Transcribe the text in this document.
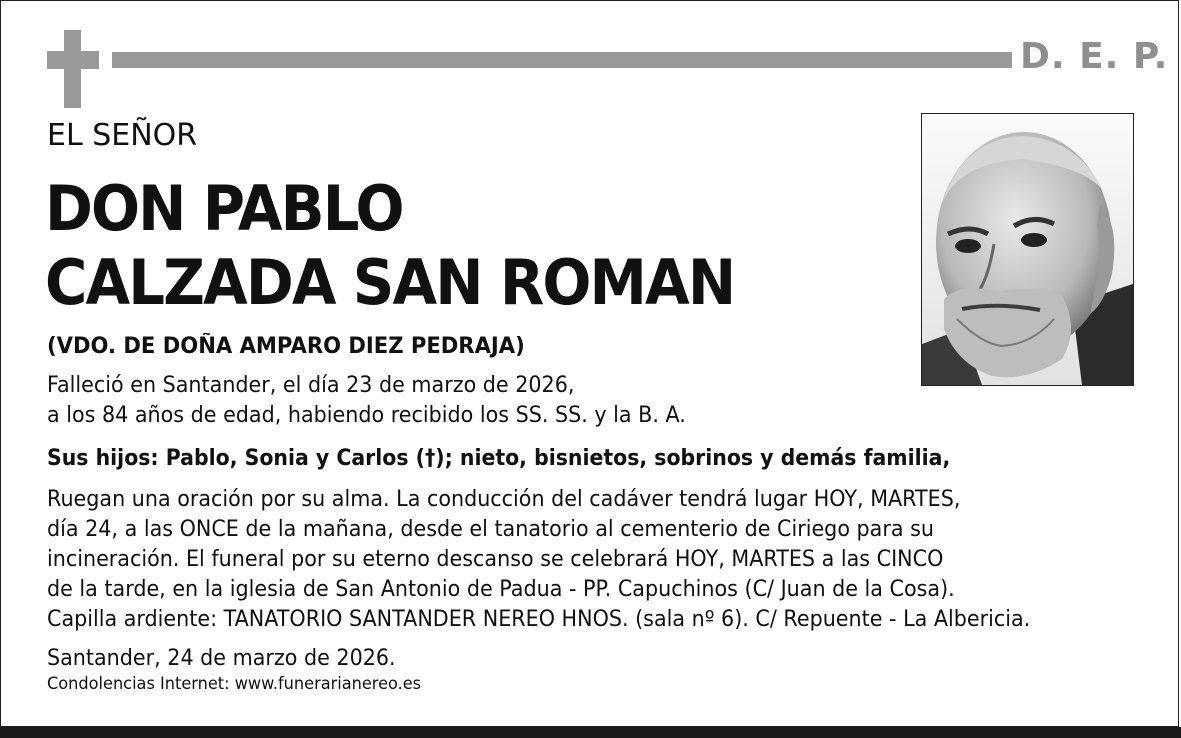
D. E. P.
EL SEÑOR
DON PABLO
CALZADA SAN ROMAN
(VDO. DE DOÑA AMPARO DIEZ PEDRAJA)
Falleció en Santander, el día 23 de marzo de 2026,
a los 84 años de edad, habiendo recibido los SS. SS. y la B. A.
Sus hijos: Pablo, Sonia y Carlos (†); nieto, bisnietos, sobrinos y demás familia,
Ruegan una oración por su alma. La conducción del cadáver tendrá lugar HOY, MARTES,
día 24, a las ONCE de la mañana, desde el tanatorio al cementerio de Ciriego para su
incineración. El funeral por su eterno descanso se celebrará HOY, MARTES a las CINCO
de la tarde, en la iglesia de San Antonio de Padua - PP. Capuchinos (C/ Juan de la Cosa).
Capilla ardiente: TANATORIO SANTANDER NEREO HNOS. (sala nº 6). C/ Repuente - La Albericia.
Santander, 24 de marzo de 2026.
Condolencias Internet: www.funerarianereo.es
